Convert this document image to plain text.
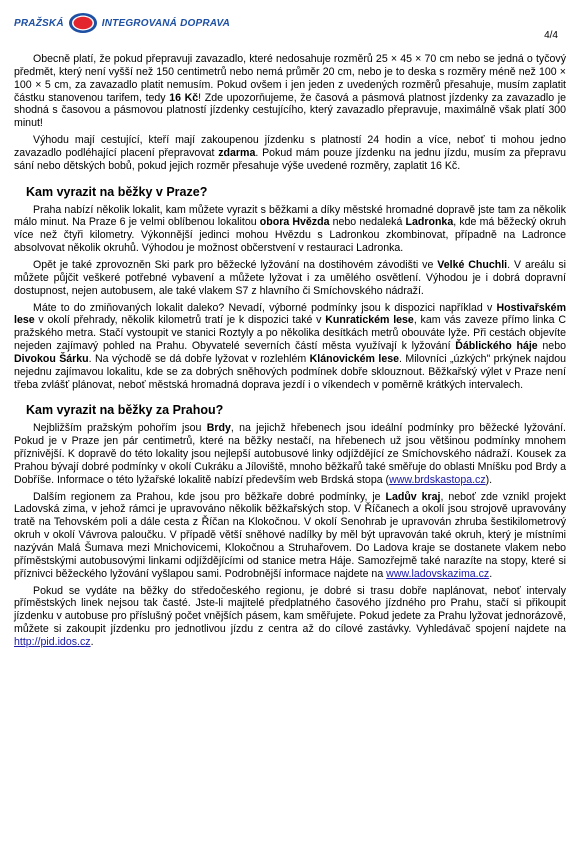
PRAŽSKÁ	INTEGROVANÁ DOPRAVA
4/4

Obecně platí, že pokud přepravuji zavazadlo, které nedosahuje rozměrů 25 × 45 × 70 cm nebo se jedná o tyčový předmět, který není vyšší než 150 centimetrů nebo nemá průměr 20 cm, nebo je to deska s rozměry méně než 100 × 100 × 5 cm, za zavazadlo platit nemusím. Pokud ovšem i jen jeden z uvedených rozměrů přesahuje, musím zaplatit částku stanovenou tarifem, tedy 16 Kč! Zde upozorňujeme, že časová a pásmová platnost jízdenky za zavazadlo je shodná s časovou a pásmovou platností jízdenky cestujícího, který zavazadlo přepravuje, maximálně však platí 300 minut!

Výhodu mají cestující, kteří mají zakoupenou jízdenku s platností 24 hodin a více, neboť ti mohou jedno zavazadlo podléhající placení přepravovat zdarma. Pokud mám pouze jízdenku na jednu jízdu, musím za přepravu sání nebo dětských bobů, pokud jejich rozměr přesahuje výše uvedené rozměry, zaplatit 16 Kč.

Kam vyrazit na běžky v Praze?

Praha nabízí několik lokalit, kam můžete vyrazit s běžkami a díky městské hromadné dopravě jste tam za několik málo minut. Na Praze 6 je velmi oblíbenou lokalitou obora Hvězda nebo nedaleká Ladronka, kde má běžecký okruh více než čtyři kilometry. Výkonnější jedinci mohou Hvězdu s Ladronkou zkombinovat, případně na Ladronce absolvovat několik okruhů. Výhodou je možnost občerstvení v restauraci Ladronka.

Opět je také zprovozněn Ski park pro běžecké lyžování na dostihovém závodišti ve Velké Chuchli. V areálu si můžete půjčit veškeré potřebné vybavení a můžete lyžovat i za umělého osvětlení. Výhodou je i dobrá dopravní dostupnost, nejen autobusem, ale také vlakem S7 z hlavního či Smíchovského nádraží.

Máte to do zmiňovaných lokalit daleko? Nevadí, výborné podmínky jsou k dispozici například v Hostivařském lese v okolí přehrady, několik kilometrů tratí je k dispozici také v Kunratickém lese, kam vás zaveze přímo linka C pražského metra. Stačí vystoupit ve stanici Roztyly a po několika desítkách metrů obouváte lyže. Při cestách objevíte nejeden zajímavý pohled na Prahu. Obyvatelé severních částí města využívají k lyžování Ďáblického háje nebo Divokou Šárku. Na východě se dá dobře lyžovat v rozlehlém Klánovickém lese. Milovníci „úzkých" prkýnek najdou nejednu zajímavou lokalitu, kde se za dobrých sněhových podmínek dobře sklouznout. Běžkařský výlet v Praze není třeba zvlášť plánovat, neboť městská hromadná doprava jezdí i o víkendech v poměrně krátkých intervalech.

Kam vyrazit na běžky za Prahou?

Nejbližším pražským pohořím jsou Brdy, na jejichž hřebenech jsou ideální podmínky pro běžecké lyžování. Pokud je v Praze jen pár centimetrů, které na běžky nestačí, na hřebenech už jsou většinou podmínky mnohem příznivější. K dopravě do této lokality jsou nejlepší autobusové linky odjíždějící ze Smíchovského nádraží. Kousek za Prahou bývají dobré podmínky v okolí Cukráku a Jíloviště, mnoho běžkařů také směřuje do oblasti Mníšku pod Brdy a Dobříše. Informace o této lyžařské lokalitě nabízí především web Brdská stopa (www.brdskastopa.cz).

Dalším regionem za Prahou, kde jsou pro běžkaře dobré podmínky, je Ladův kraj, neboť zde vznikl projekt Ladovská zima, v jehož rámci je upravováno několik běžkařských stop. V Říčanech a okolí jsou strojově upravovány tratě na Tehovském poli a dále cesta z Říčan na Klokočnou. V okolí Senohrab je upravován zhruba šestikilometrový okruh v okolí Vávrova paloučku. V případě větší sněhové nadílky by měl být upravován také okruh, který je místními nazýván Malá Šumava mezi Mnichovicemi, Klokočnou a Struhařovem. Do Ladova kraje se dostanete vlakem nebo příměstskými autobusovými linkami odjíždějícími od stanice metra Háje. Samozřejmě také narazíte na stopy, které si příznivci běžeckého lyžování vyšlapou sami. Podrobnější informace najdete na www.ladovskazima.cz.

Pokud se vydáte na běžky do středočeského regionu, je dobré si trasu dobře naplánovat, neboť intervaly příměstských linek nejsou tak časté. Jste-li majitelé předplatného časového jízdného pro Prahu, stačí si přikoupit jízdenku v autobuse pro příslušný počet vnějších pásem, kam směřujete. Pokud jedete za Prahu lyžovat jednorázově, můžete si zakoupit jízdenku pro jednotlivou jízdu z centra až do cílové zastávky. Vyhledávač spojení najdete na http://pid.idos.cz.
